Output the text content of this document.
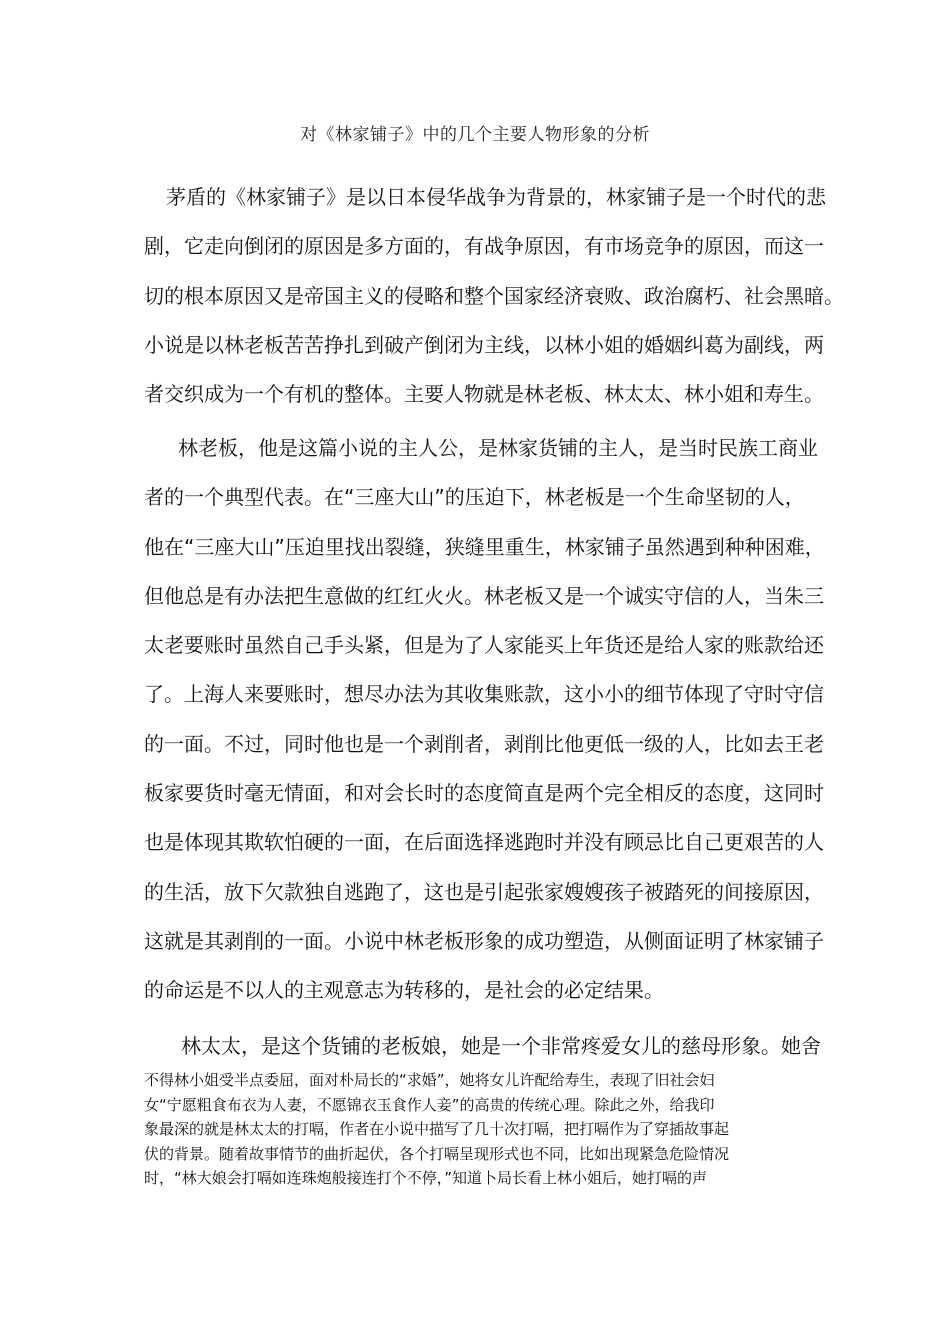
对《林家铺子》中的几个主要人物形象的分析
茅盾的《林家铺子》是以日本侵华战争为背景的，林家铺子是一个时代的悲
剧，它走向倒闭的原因是多方面的，有战争原因，有市场竞争的原因，而这一
切的根本原因又是帝国主义的侵略和整个国家经济衰败、政治腐朽、社会黑暗。
小说是以林老板苦苦挣扎到破产倒闭为主线，以林小姐的婚姻纠葛为副线，两
者交织成为一个有机的整体。主要人物就是林老板、林太太、林小姐和寿生。
林老板，他是这篇小说的主人公，是林家货铺的主人，是当时民族工商业
者的一个典型代表。在“三座大山”的压迫下，林老板是一个生命坚韧的人，
他在“三座大山”压迫里找出裂缝，狭缝里重生，林家铺子虽然遇到种种困难，
但他总是有办法把生意做的红红火火。林老板又是一个诚实守信的人，当朱三
太老要账时虽然自己手头紧，但是为了人家能买上年货还是给人家的账款给还
了。上海人来要账时，想尽办法为其收集账款，这小小的细节体现了守时守信
的一面。不过，同时他也是一个剥削者，剥削比他更低一级的人，比如去王老
板家要货时毫无情面，和对会长时的态度简直是两个完全相反的态度，这同时
也是体现其欺软怕硬的一面，在后面选择逃跑时并没有顾忌比自己更艰苦的人
的生活，放下欠款独自逃跑了，这也是引起张家嫂嫂孩子被踏死的间接原因，
这就是其剥削的一面。小说中林老板形象的成功塑造，从侧面证明了林家铺子
的命运是不以人的主观意志为转移的，是社会的必定结果。
林太太，是这个货铺的老板娘，她是一个非常疼爱女儿的慈母形象。她舍
不得林小姐受半点委屈，面对朴局长的“求婚”，她将女儿许配给寿生，表现了旧社会妇
女“宁愿粗食布衣为人妻，不愿锦衣玉食作人妾”的高贵的传统心理。除此之外，给我印
象最深的就是林太太的打嗝，作者在小说中描写了几十次打嗝，把打嗝作为了穿插故事起
伏的背景。随着故事情节的曲折起伏，各个打嗝呈现形式也不同，比如出现紧急危险情况
时，“林大娘会打嗝如连珠炮般接连打个不停，”知道卜局长看上林小姐后，她打嗝的声
